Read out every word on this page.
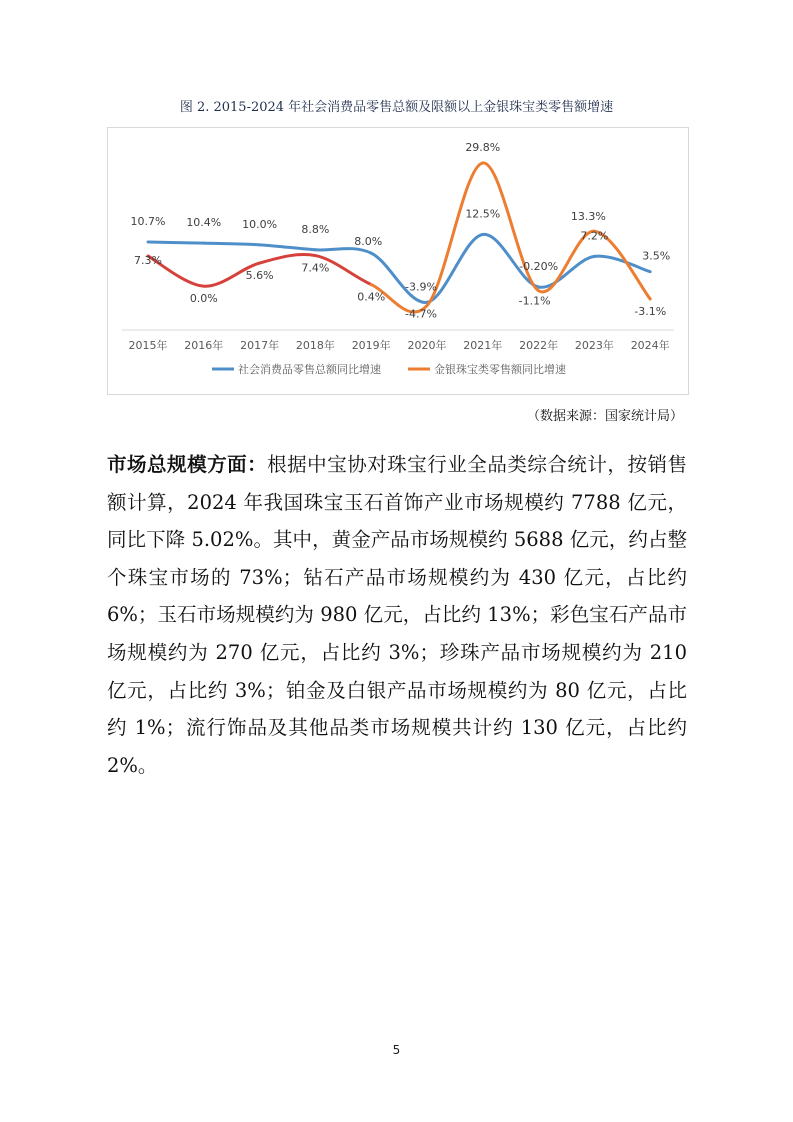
图 2. 2015-2024 年社会消费品零售总额及限额以上金银珠宝类零售额增速
10.7% 10.4% 10.0% 8.8%
8.0%
-3.9%
12.5%
-0.20%
7.2%
3.5%
7.3%
0.0%
5.6%
7.4%
0.4%
-4.7%
29.8%
-1.1%
13.3%
-3.1%
2015年 2016年 2017年 2018年 2019年 2020年 2021年 2022年 2023年 2024年
社会消费品零售总额同比增速	金银珠宝类零售额同比增速
（数据来源：国家统计局）

市场总规模方面：根据中宝协对珠宝行业全品类综合统计，按销售额计算，2024 年我国珠宝玉石首饰产业市场规模约 7788 亿元，同比下降 5.02%。其中，黄金产品市场规模约 5688 亿元，约占整个珠宝市场的 73%；钻石产品市场规模约为 430 亿元，占比约 6%；玉石市场规模约为 980 亿元，占比约 13%；彩色宝石产品市场规模约为 270 亿元，占比约 3%；珍珠产品市场规模约为 210 亿元，占比约 3%；铂金及白银产品市场规模约为 80 亿元，占比约 1%；流行饰品及其他品类市场规模共计约 130 亿元，占比约 2%。

5
